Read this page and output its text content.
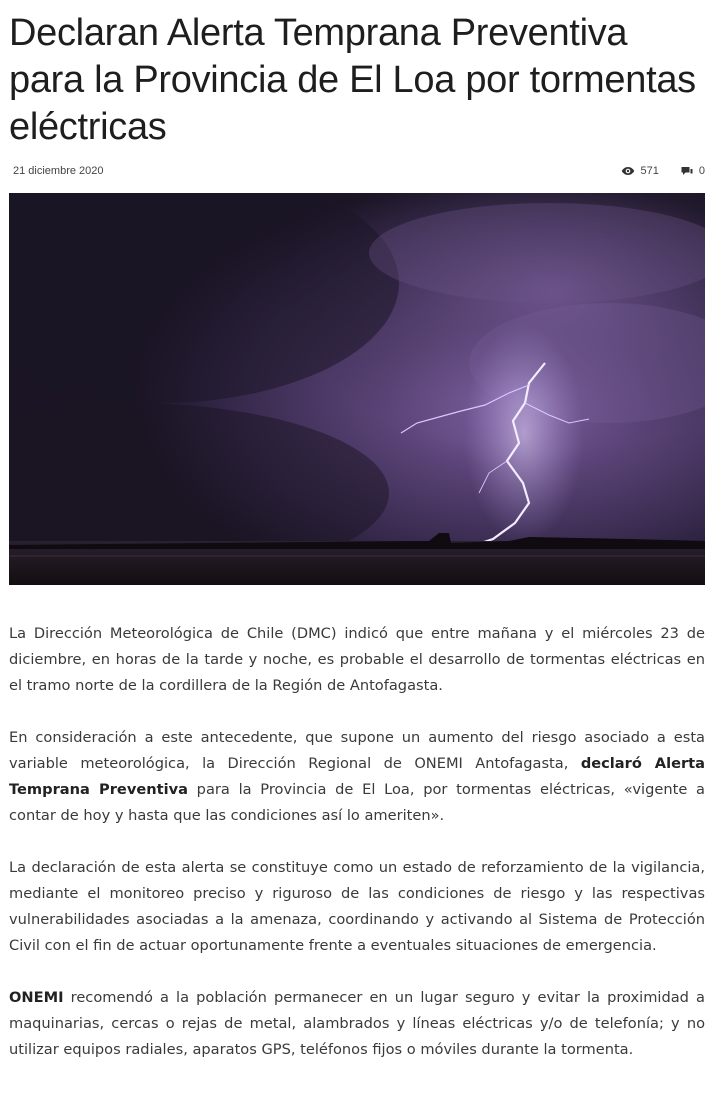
Declaran Alerta Temprana Preventiva para la Provincia de El Loa por tormentas eléctricas
21 diciembre 2020	571	0

La Dirección Meteorológica de Chile (DMC) indicó que entre mañana y el miércoles 23 de diciembre, en horas de la tarde y noche, es probable el desarrollo de tormentas eléctricas en el tramo norte de la cordillera de la Región de Antofagasta.

En consideración a este antecedente, que supone un aumento del riesgo asociado a esta variable meteorológica, la Dirección Regional de ONEMI Antofagasta, declaró Alerta Temprana Preventiva para la Provincia de El Loa, por tormentas eléctricas, «vigente a contar de hoy y hasta que las condiciones así lo ameriten».

La declaración de esta alerta se constituye como un estado de reforzamiento de la vigilancia, mediante el monitoreo preciso y riguroso de las condiciones de riesgo y las respectivas vulnerabilidades asociadas a la amenaza, coordinando y activando al Sistema de Protección Civil con el fin de actuar oportunamente frente a eventuales situaciones de emergencia.

ONEMI recomendó a la población permanecer en un lugar seguro y evitar la proximidad a maquinarias, cercas o rejas de metal, alambrados y líneas eléctricas y/o de telefonía; y no utilizar equipos radiales, aparatos GPS, teléfonos fijos o móviles durante la tormenta.
